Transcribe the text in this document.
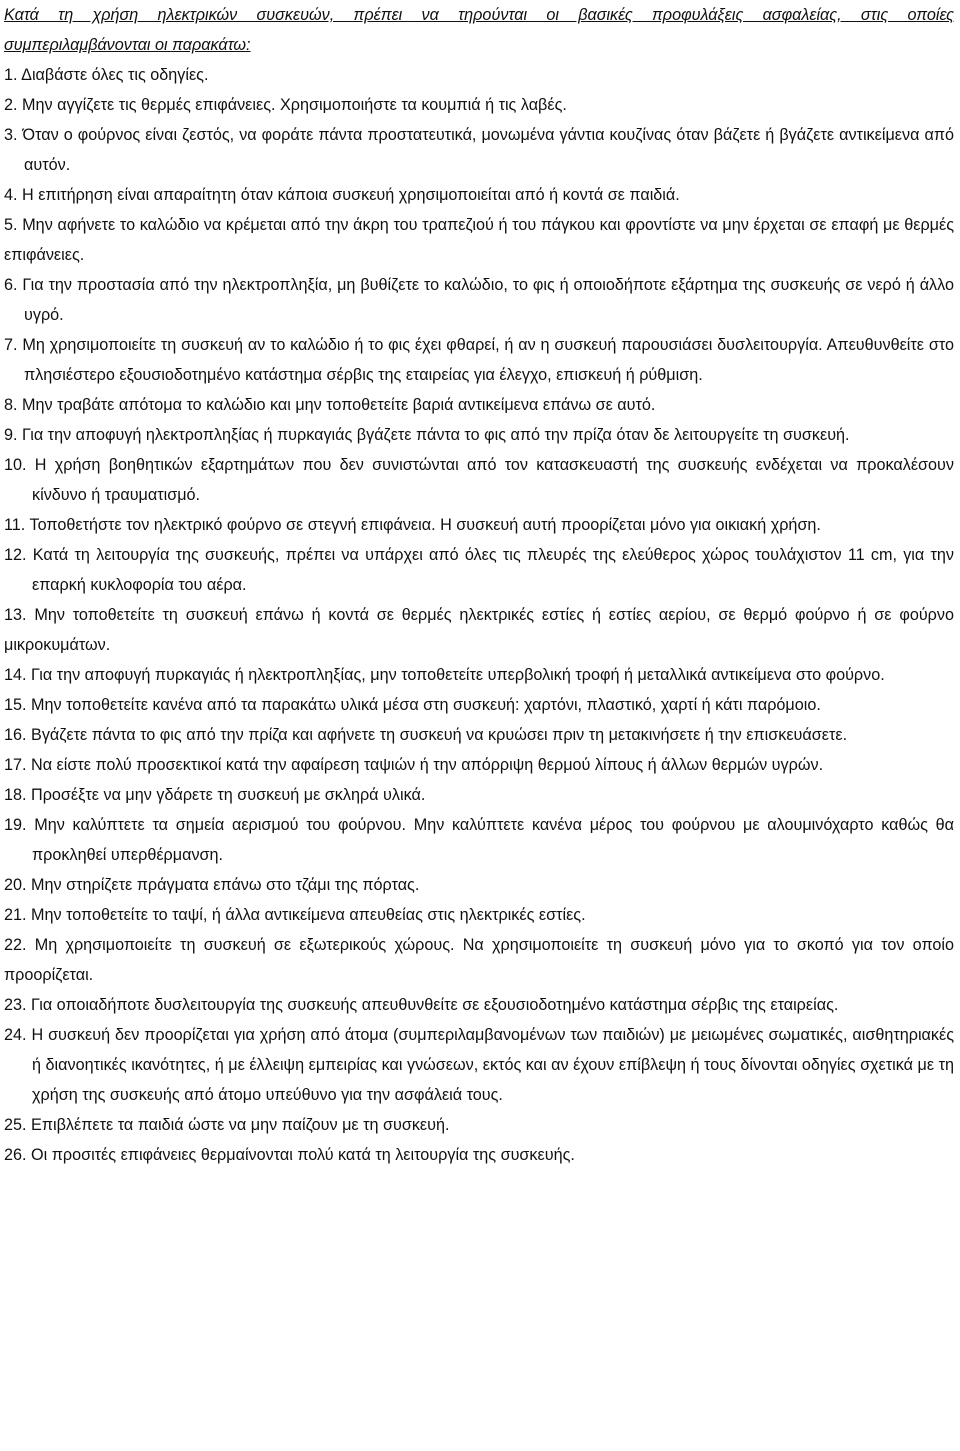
Κατά τη χρήση ηλεκτρικών συσκευών, πρέπει να τηρούνται οι βασικές προφυλάξεις ασφαλείας, στις οποίες
συμπεριλαμβάνονται οι παρακάτω:

1. Διαβάστε όλες τις οδηγίες.
2. Μην αγγίζετε τις θερμές επιφάνειες. Χρησιμοποιήστε τα κουμπιά ή τις λαβές.
3. Όταν ο φούρνος είναι ζεστός, να φοράτε πάντα προστατευτικά, μονωμένα γάντια κουζίνας όταν βάζετε ή βγάζετε αντικείμενα από αυτόν.
4. Η επιτήρηση είναι απαραίτητη όταν κάποια συσκευή χρησιμοποιείται από ή κοντά σε παιδιά.
5. Μην αφήνετε το καλώδιο να κρέμεται από την άκρη του τραπεζιού ή του πάγκου και φροντίστε να μην έρχεται σε επαφή με θερμές επιφάνειες.
6. Για την προστασία από την ηλεκτροπληξία, μη βυθίζετε το καλώδιο, το φις ή οποιοδήποτε εξάρτημα της συσκευής σε νερό ή άλλο υγρό.
7. Μη χρησιμοποιείτε τη συσκευή αν το καλώδιο ή το φις έχει φθαρεί, ή αν η συσκευή παρουσιάσει δυσλειτουργία. Απευθυνθείτε στο πλησιέστερο εξουσιοδοτημένο κατάστημα σέρβις της εταιρείας για έλεγχο, επισκευή ή ρύθμιση.
8. Μην τραβάτε απότομα το καλώδιο και μην τοποθετείτε βαριά αντικείμενα επάνω σε αυτό.
9. Για την αποφυγή ηλεκτροπληξίας ή πυρκαγιάς βγάζετε πάντα το φις από την πρίζα όταν δε λειτουργείτε τη συσκευή.
10. Η χρήση βοηθητικών εξαρτημάτων που δεν συνιστώνται από τον κατασκευαστή της συσκευής ενδέχεται να προκαλέσουν κίνδυνο ή τραυματισμό.
11. Τοποθετήστε τον ηλεκτρικό φούρνο σε στεγνή επιφάνεια. Η συσκευή αυτή προορίζεται μόνο για οικιακή χρήση.
12. Κατά τη λειτουργία της συσκευής, πρέπει να υπάρχει από όλες τις πλευρές της ελεύθερος χώρος τουλάχιστον 11 cm, για την επαρκή κυκλοφορία του αέρα.
13. Μην τοποθετείτε τη συσκευή επάνω ή κοντά σε θερμές ηλεκτρικές εστίες ή εστίες αερίου, σε θερμό φούρνο ή σε φούρνο μικροκυμάτων.
14. Για την αποφυγή πυρκαγιάς ή ηλεκτροπληξίας, μην τοποθετείτε υπερβολική τροφή ή μεταλλικά αντικείμενα στο φούρνο.
15. Μην τοποθετείτε κανένα από τα παρακάτω υλικά μέσα στη συσκευή: χαρτόνι, πλαστικό, χαρτί ή κάτι παρόμοιο.
16. Βγάζετε πάντα το φις από την πρίζα και αφήνετε τη συσκευή να κρυώσει πριν τη μετακινήσετε ή την επισκευάσετε.
17. Να είστε πολύ προσεκτικοί κατά την αφαίρεση ταψιών ή την απόρριψη θερμού λίπους ή άλλων θερμών υγρών.
18. Προσέξτε να μην γδάρετε τη συσκευή με σκληρά υλικά.
19. Μην καλύπτετε τα σημεία αερισμού του φούρνου. Μην καλύπτετε κανένα μέρος του φούρνου με αλουμινόχαρτο καθώς θα προκληθεί υπερθέρμανση.
20. Μην στηρίζετε πράγματα επάνω στο τζάμι της πόρτας.
21. Μην τοποθετείτε το ταψί, ή άλλα αντικείμενα απευθείας στις ηλεκτρικές εστίες.
22. Μη χρησιμοποιείτε τη συσκευή σε εξωτερικούς χώρους. Να χρησιμοποιείτε τη συσκευή μόνο για το σκοπό για τον οποίο προορίζεται.
23. Για οποιαδήποτε δυσλειτουργία της συσκευής απευθυνθείτε σε εξουσιοδοτημένο κατάστημα σέρβις της εταιρείας.
24. Η συσκευή δεν προορίζεται για χρήση από άτομα (συμπεριλαμβανομένων των παιδιών) με μειωμένες σωματικές, αισθητηριακές ή διανοητικές ικανότητες, ή με έλλειψη εμπειρίας και γνώσεων, εκτός και αν έχουν επίβλεψη ή τους δίνονται οδηγίες σχετικά με τη χρήση της συσκευής από άτομο υπεύθυνο για την ασφάλειά τους.
25. Επιβλέπετε τα παιδιά ώστε να μην παίζουν με τη συσκευή.
26. Οι προσιτές επιφάνειες θερμαίνονται πολύ κατά τη λειτουργία της συσκευής.
